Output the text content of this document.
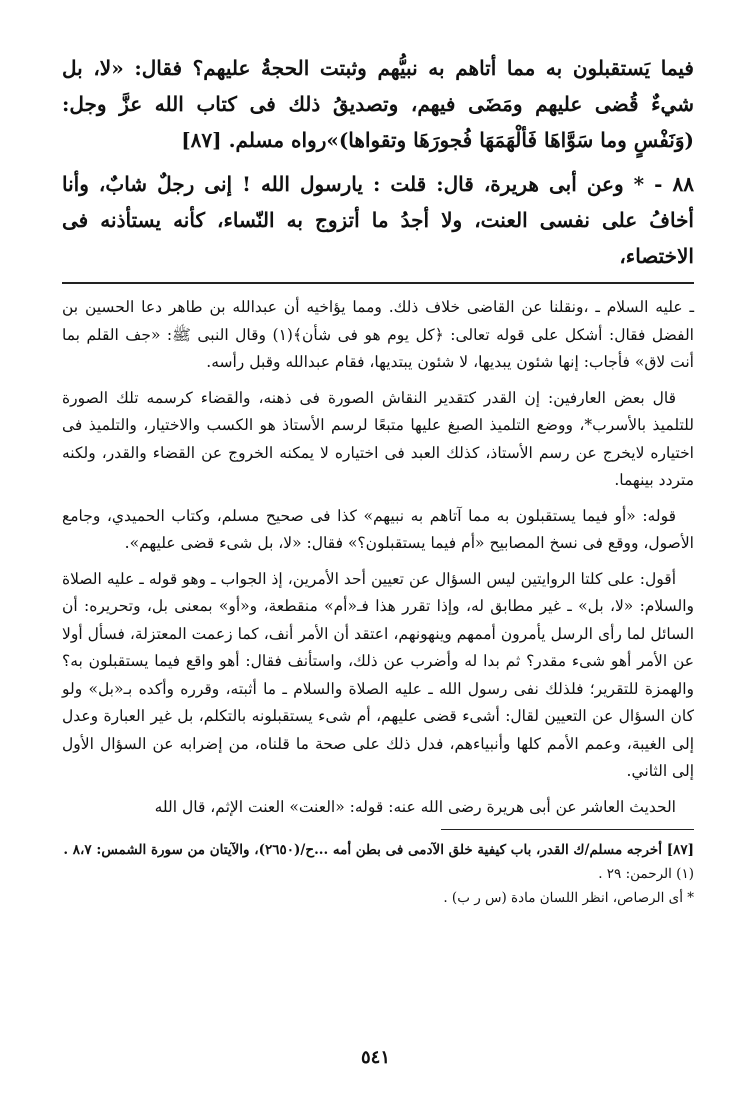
فيما يَستقبلون به مما أتاهم به نبيُّهم وثبتت الحجةُ عليهم؟ فقال: «لا، بل شيءٌ قُضى عليهم ومَضَى فيهم، وتصديقُ ذلك فى كتاب الله عزَّ وجل: (وَنَفْسٍ وما سَوَّاهَا فَألْهَمَهَا فُجورَهَا وتقواها)»رواه مسلم. [٨٧]

٨٨ - * وعن أبى هريرة، قال: قلت : يارسول الله ! إنى رجلٌ شابٌ، وأنا أخافُ على نفسى العنت، ولا أجدُ ما أتزوج به النّساء، كأنه يستأذنه فى الاختصاء،

ـ عليه السلام ـ ،ونقلنا عن القاضى خلاف ذلك. ومما يؤاخيه أن عبدالله بن طاهر دعا الحسين بن الفضل فقال: أشكل على قوله تعالى: ﴿كل يوم هو فى شأن﴾(١) وقال النبى ﷺ: «جف القلم بما أنت لاق» فأجاب: إنها شئون يبديها، لا شئون يبتديها، فقام عبدالله وقبل رأسه.

قال بعض العارفين: إن القدر كتقدير النقاش الصورة فى ذهنه، والقضاء كرسمه تلك الصورة للتلميذ بالأسرب*، ووضع التلميذ الصبغ عليها متبعًا لرسم الأستاذ هو الكسب والاختيار، والتلميذ فى اختياره لايخرج عن رسم الأستاذ، كذلك العبد فى اختياره لا يمكنه الخروج عن القضاء والقدر، ولكنه متردد بينهما.

قوله: «أو فيما يستقبلون به مما آتاهم به نبيهم» كذا فى صحيح مسلم، وكتاب الحميدي، وجامع الأصول، ووقع فى نسخ المصابيح «أم فيما يستقبلون؟» فقال: «لا، بل شىء قضى عليهم».

أقول: على كلتا الروايتين ليس السؤال عن تعيين أحد الأمرين، إذ الجواب ـ وهو قوله ـ عليه الصلاة والسلام: «لا، بل» ـ غير مطابق له، وإذا تقرر هذا فـ«أم» منقطعة، و«أو» بمعنى بل، وتحريره: أن السائل لما رأى الرسل يأمرون أممهم وينهونهم، اعتقد أن الأمر أنف، كما زعمت المعتزلة، فسأل أولا عن الأمر أهو شىء مقدر؟ ثم بدا له وأضرب عن ذلك، واستأنف فقال: أهو واقع فيما يستقبلون به؟ والهمزة للتقرير؛ فلذلك نفى رسول الله ـ عليه الصلاة والسلام ـ ما أثبته، وقرره وأكده بـ«بل» ولو كان السؤال عن التعيين لقال: أشىء قضى عليهم، أم شىء يستقبلونه بالتكلم، بل غير العبارة وعدل إلى الغيبة، وعمم الأمم كلها وأنبياءهم، فدل ذلك على صحة ما قلناه، من إضرابه عن السؤال الأول إلى الثاني.

الحديث العاشر عن أبى هريرة رضى الله عنه: قوله: «العنت» العنت الإثم، قال الله

[٨٧] أخرجه مسلم/ك القدر، باب كيفية خلق الآدمى فى بطن أمه ...ح/(٢٦٥٠)، والآيتان من سورة الشمس: ٨،٧ .

(١) الرحمن: ٢٩ .

* أى الرصاص، انظر اللسان مادة (س ر ب) .

٥٤١
